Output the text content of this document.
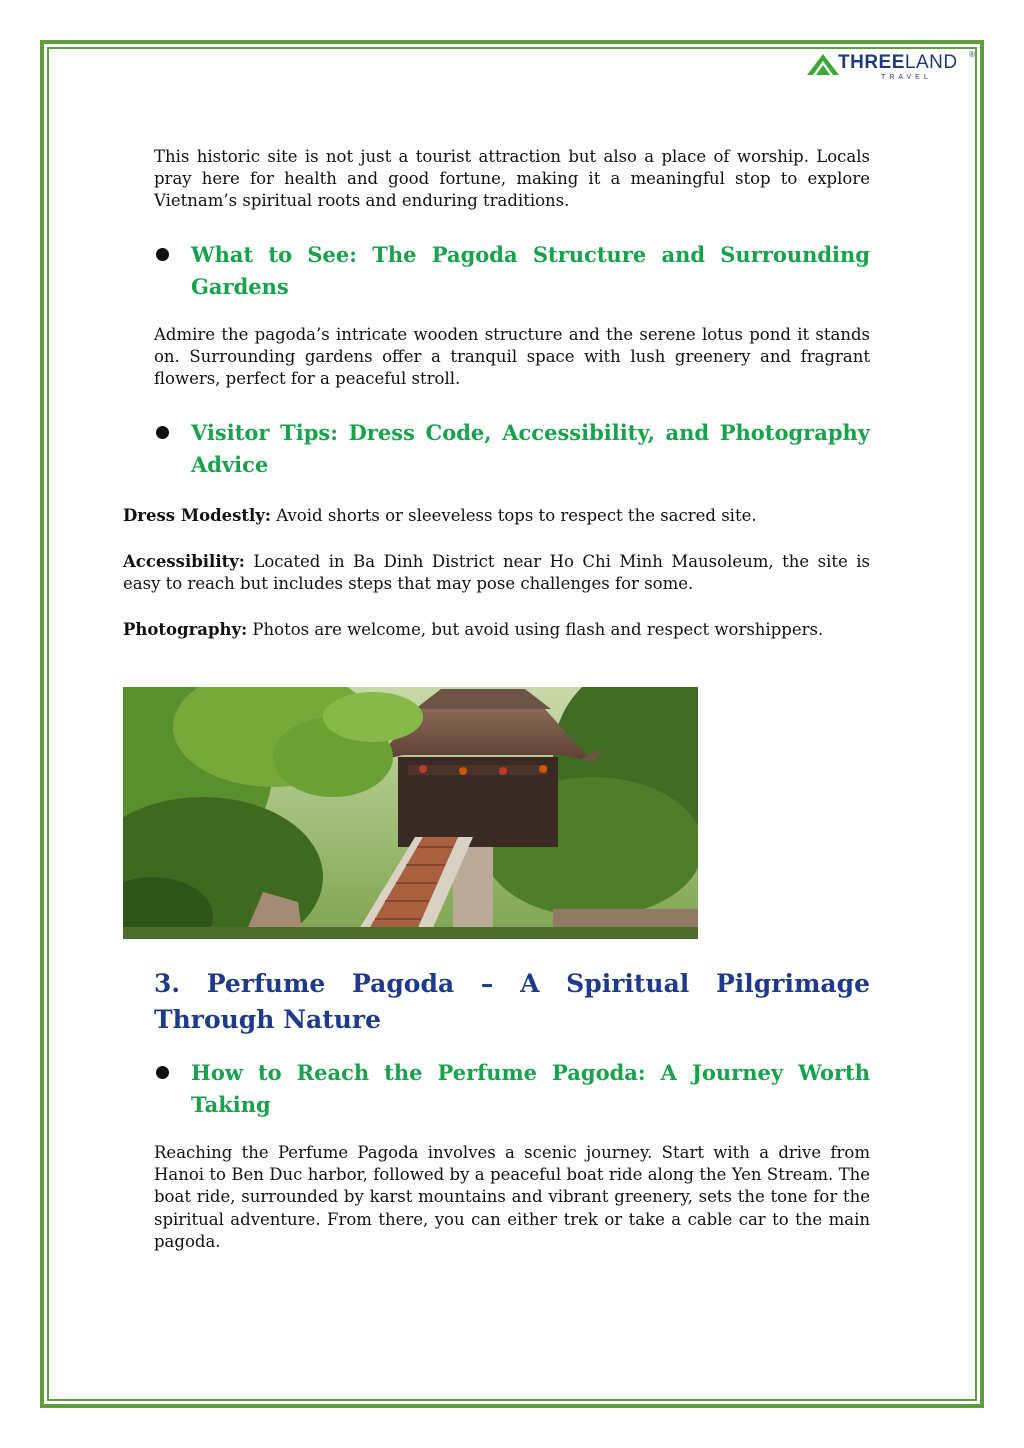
THREELAND ®
TRAVEL

This historic site is not just a tourist attraction but also a place of worship. Locals pray here for health and good fortune, making it a meaningful stop to explore Vietnam’s spiritual roots and enduring traditions.

What to See: The Pagoda Structure and Surrounding Gardens

Admire the pagoda’s intricate wooden structure and the serene lotus pond it stands on. Surrounding gardens offer a tranquil space with lush greenery and fragrant flowers, perfect for a peaceful stroll.

Visitor Tips: Dress Code, Accessibility, and Photography Advice

Dress Modestly: Avoid shorts or sleeveless tops to respect the sacred site.

Accessibility: Located in Ba Dinh District near Ho Chi Minh Mausoleum, the site is easy to reach but includes steps that may pose challenges for some.

Photography: Photos are welcome, but avoid using flash and respect worshippers.

3. Perfume Pagoda – A Spiritual Pilgrimage Through Nature
How to Reach the Perfume Pagoda: A Journey Worth Taking

Reaching the Perfume Pagoda involves a scenic journey. Start with a drive from Hanoi to Ben Duc harbor, followed by a peaceful boat ride along the Yen Stream. The boat ride, surrounded by karst mountains and vibrant greenery, sets the tone for the spiritual adventure. From there, you can either trek or take a cable car to the main pagoda.
